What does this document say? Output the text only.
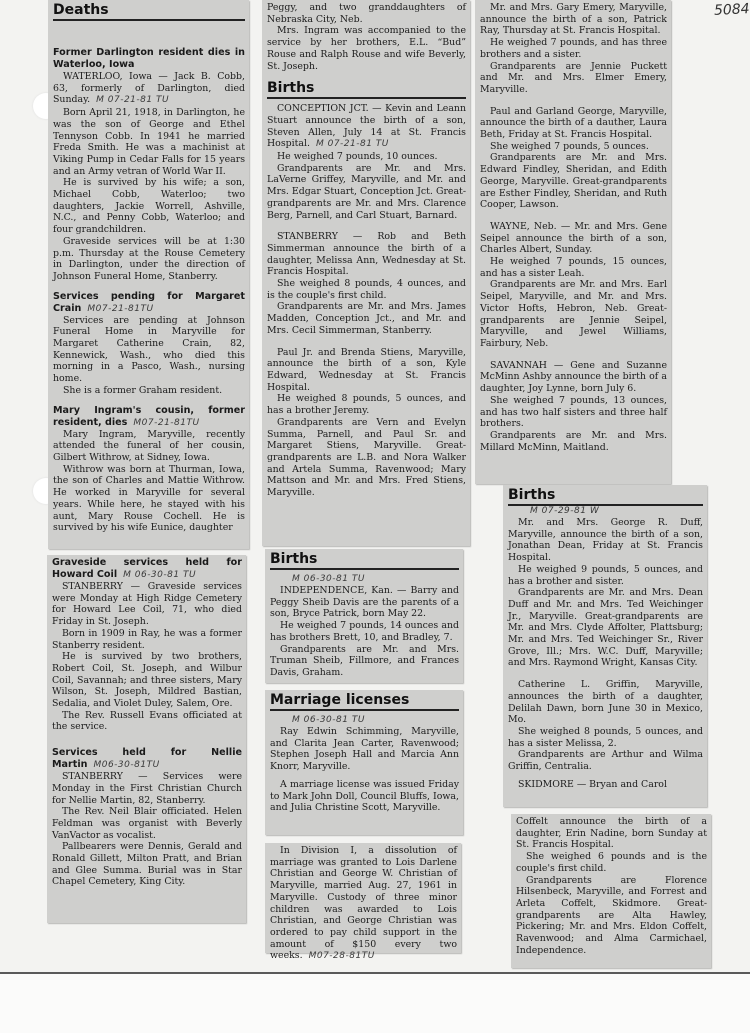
5084
Deaths
Former Darlington resident dies in Waterloo, Iowa

WATERLOO, Iowa — Jack B. Cobb, 63, formerly of Darlington, died Sunday. M 07-21-81 TU

Born April 21, 1918, in Darlington, he was the son of George and Ethel Tennyson Cobb. In 1941 he married Freda Smith. He was a machinist at Viking Pump in Cedar Falls for 15 years and an Army vetran of World War II.

He is survived by his wife; a son, Michael Cobb, Waterloo; two daughters, Jackie Worrell, Ashville, N.C., and Penny Cobb, Waterloo; and four grandchildren.

Graveside services will be at 1:30 p.m. Thursday at the Rouse Cemetery in Darlington, under the direction of Johnson Funeral Home, Stanberry.

Services pending for Margaret Crain M07-21-81TU

Services are pending at Johnson Funeral Home in Maryville for Margaret Catherine Crain, 82, Kennewick, Wash., who died this morning in a Pasco, Wash., nursing home.

She is a former Graham resident.

Mary Ingram's cousin, former resident, dies M07-21-81TU

Mary Ingram, Maryville, recently attended the funeral of her cousin, Gilbert Withrow, at Sidney, Iowa.

Withrow was born at Thurman, Iowa, the son of Charles and Mattie Withrow. He worked in Maryville for several years. While here, he stayed with his aunt, Mary Rouse Cochell. He is survived by his wife Eunice, daughter

Peggy, and two granddaughters of Nebraska City, Neb.

Mrs. Ingram was accompanied to the service by her brothers, E.L. “Bud” Rouse and Ralph Rouse and wife Beverly, St. Joseph.

Births

CONCEPTION JCT. — Kevin and Leann Stuart announce the birth of a son, Steven Allen, July 14 at St. Francis Hospital. M 07-21-81 TU

He weighed 7 pounds, 10 ounces.

Grandparents are Mr. and Mrs. LaVerne Griffey, Maryville, and Mr. and Mrs. Edgar Stuart, Conception Jct. Great-grandparents are Mr. and Mrs. Clarence Berg, Parnell, and Carl Stuart, Barnard.

STANBERRY — Rob and Beth Simmerman announce the birth of a daughter, Melissa Ann, Wednesday at St. Francis Hospital.

She weighed 8 pounds, 4 ounces, and is the couple's first child.

Grandparents are Mr. and Mrs. James Madden, Conception Jct., and Mr. and Mrs. Cecil Simmerman, Stanberry.

Paul Jr. and Brenda Stiens, Maryville, announce the birth of a son, Kyle Edward, Wednesday at St. Francis Hospital.

He weighed 8 pounds, 5 ounces, and has a brother Jeremy.

Grandparents are Vern and Evelyn Summa, Parnell, and Paul Sr. and Margaret Stiens, Maryville. Great-grandparents are L.B. and Nora Walker and Artela Summa, Ravenwood; Mary Mattson and Mr. and Mrs. Fred Stiens, Maryville.

Mr. and Mrs. Gary Emery, Maryville, announce the birth of a son, Patrick Ray, Thursday at St. Francis Hospital.

He weighed 7 pounds, and has three brothers and a sister.

Grandparents are Jennie Puckett and Mr. and Mrs. Elmer Emery, Maryville.

Paul and Garland George, Maryville, announce the birth of a dauther, Laura Beth, Friday at St. Francis Hospital.

She weighed 7 pounds, 5 ounces.

Grandparents are Mr. and Mrs. Edward Findley, Sheridan, and Edith George, Maryville. Great-grandparents are Esther Findley, Sheridan, and Ruth Cooper, Lawson.

WAYNE, Neb. — Mr. and Mrs. Gene Seipel announce the birth of a son, Charles Albert, Sunday.

He weighed 7 pounds, 15 ounces, and has a sister Leah.

Grandparents are Mr. and Mrs. Earl Seipel, Maryville, and Mr. and Mrs. Victor Hofts, Hebron, Neb. Great-grandparents are Jennie Seipel, Maryville, and Jewel Williams, Fairbury, Neb.

SAVANNAH — Gene and Suzanne McMinn Ashby announce the birth of a daughter, Joy Lynne, born July 6.

She weighed 7 pounds, 13 ounces, and has two half sisters and three half brothers.

Grandparents are Mr. and Mrs. Millard McMinn, Maitland.

Graveside services held for Howard Coil M 06-30-81 TU

STANBERRY — Graveside services were Monday at High Ridge Cemetery for Howard Lee Coil, 71, who died Friday in St. Joseph.

Born in 1909 in Ray, he was a former Stanberry resident.

He is survived by two brothers, Robert Coil, St. Joseph, and Wilbur Coil, Savannah; and three sisters, Mary Wilson, St. Joseph, Mildred Bastian, Sedalia, and Violet Duley, Salem, Ore.

The Rev. Russell Evans officiated at the service.

Services held for Nellie Martin M06-30-81TU

STANBERRY — Services were Monday in the First Christian Church for Nellie Martin, 82, Stanberry.

The Rev. Neil Blair officiated. Helen Feldman was organist with Beverly VanVactor as vocalist.

Pallbearers were Dennis, Gerald and Ronald Gillett, Milton Pratt, and Brian and Glee Summa. Burial was in Star Chapel Cemetery, King City.

Births
M 06-30-81 TU

INDEPENDENCE, Kan. — Barry and Peggy Sheib Davis are the parents of a son, Bryce Patrick, born May 22.

He weighed 7 pounds, 14 ounces and has brothers Brett, 10, and Bradley, 7.

Grandparents are Mr. and Mrs. Truman Sheib, Fillmore, and Frances Davis, Graham.

Marriage licenses
M 06-30-81 TU

Ray Edwin Schimming, Maryville, and Clarita Jean Carter, Ravenwood; Stephen Joseph Hall and Marcia Ann Knorr, Maryville.

A marriage license was issued Friday to Mark John Doll, Council Bluffs, Iowa, and Julia Christine Scott, Maryville.

In Division I, a dissolution of marriage was granted to Lois Darlene Christian and George W. Christian of Maryville, married Aug. 27, 1961 in Maryville. Custody of three minor children was awarded to Lois Christian, and George Christian was ordered to pay child support in the amount of $150 every two weeks. M07-28-81TU

Births
M 07-29-81 W

Mr. and Mrs. George R. Duff, Maryville, announce the birth of a son, Jonathan Dean, Friday at St. Francis Hospital.

He weighed 9 pounds, 5 ounces, and has a brother and sister.

Grandparents are Mr. and Mrs. Dean Duff and Mr. and Mrs. Ted Weichinger Jr., Maryville. Great-grandparents are Mr. and Mrs. Clyde Affolter, Plattsburg; Mr. and Mrs. Ted Weichinger Sr., River Grove, Ill.; Mrs. W.C. Duff, Maryville; and Mrs. Raymond Wright, Kansas City.

Catherine L. Griffin, Maryville, announces the birth of a daughter, Delilah Dawn, born June 30 in Mexico, Mo.

She weighed 8 pounds, 5 ounces, and has a sister Melissa, 2.

Grandparents are Arthur and Wilma Griffin, Centralia.

SKIDMORE — Bryan and Carol

Coffelt announce the birth of a daughter, Erin Nadine, born Sunday at St. Francis Hospital.

She weighed 6 pounds and is the couple's first child.

Grandparents are Florence Hilsenbeck, Maryville, and Forrest and Arleta Coffelt, Skidmore. Great-grandparents are Alta Hawley, Pickering; Mr. and Mrs. Eldon Coffelt, Ravenwood; and Alma Carmichael, Independence.
